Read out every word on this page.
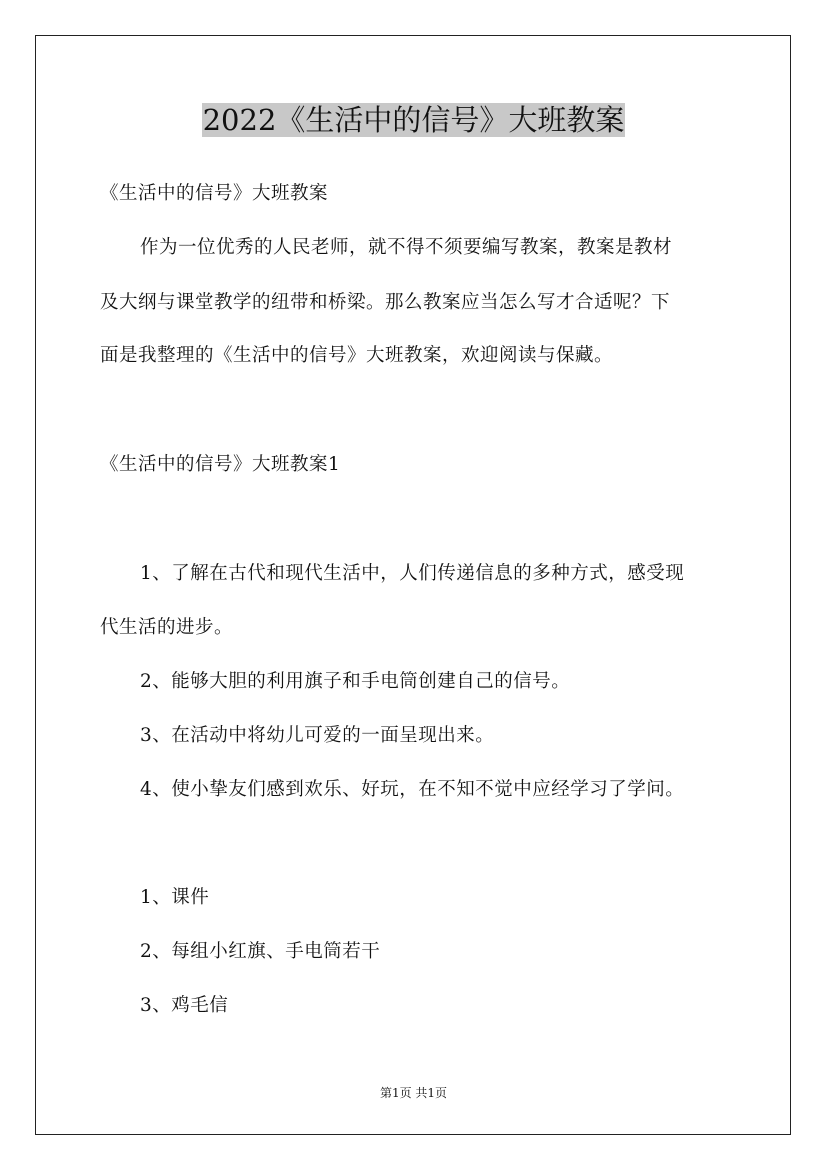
2022《生活中的信号》大班教案
《生活中的信号》大班教案
作为一位优秀的人民老师，就不得不须要编写教案，教案是教材
及大纲与课堂教学的纽带和桥梁。那么教案应当怎么写才合适呢？下
面是我整理的《生活中的信号》大班教案，欢迎阅读与保藏。
《生活中的信号》大班教案1
1、了解在古代和现代生活中，人们传递信息的多种方式，感受现
代生活的进步。
2、能够大胆的利用旗子和手电筒创建自己的信号。
3、在活动中将幼儿可爱的一面呈现出来。
4、使小挚友们感到欢乐、好玩，在不知不觉中应经学习了学问。
1、课件
2、每组小红旗、手电筒若干
3、鸡毛信
第1页 共1页
